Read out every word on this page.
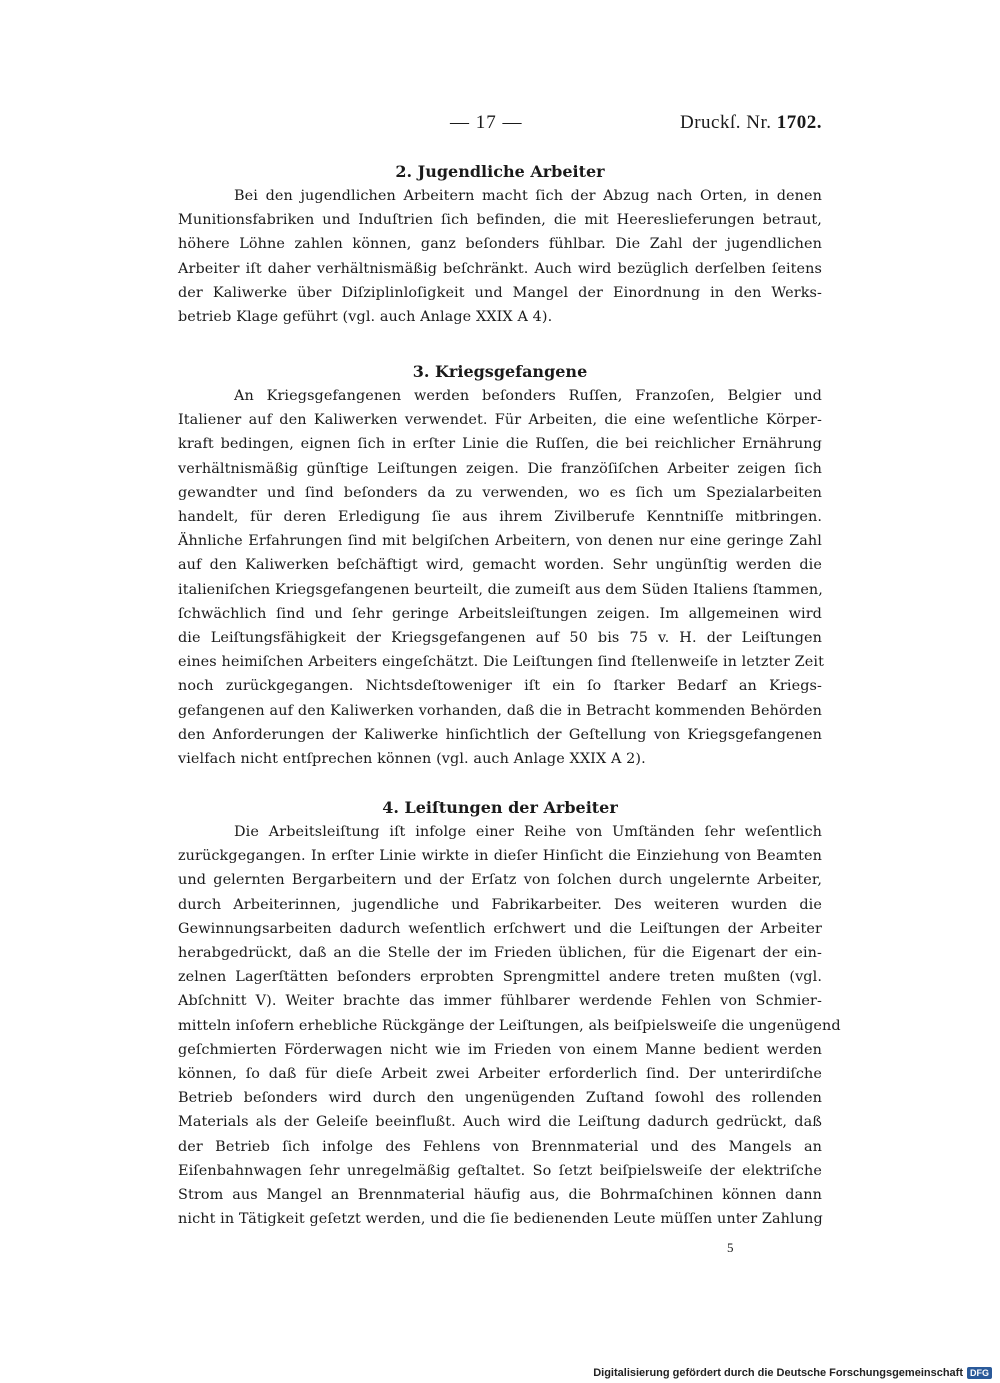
— 17 —	Druckſ. Nr. 1702.
2. Jugendliche Arbeiter
Bei den jugendlichen Arbeitern macht ſich der Abzug nach Orten, in denen
Munitionsfabriken und Induſtrien ſich befinden, die mit Heereslieferungen betraut,
höhere Löhne zahlen können, ganz beſonders fühlbar. Die Zahl der jugendlichen
Arbeiter iſt daher verhältnismäßig beſchränkt. Auch wird bezüglich derſelben ſeitens
der Kaliwerke über Diſziplinloſigkeit und Mangel der Einordnung in den Werks-
betrieb Klage geführt (vgl. auch Anlage XXIX A 4).
3. Kriegsgefangene
An Kriegsgefangenen werden beſonders Ruſſen, Franzoſen, Belgier und
Italiener auf den Kaliwerken verwendet. Für Arbeiten, die eine weſentliche Körper-
kraft bedingen, eignen ſich in erſter Linie die Ruſſen, die bei reichlicher Ernährung
verhältnismäßig günſtige Leiſtungen zeigen. Die franzöſiſchen Arbeiter zeigen ſich
gewandter und ſind beſonders da zu verwenden, wo es ſich um Spezialarbeiten
handelt, für deren Erledigung ſie aus ihrem Zivilberufe Kenntniſſe mitbringen.
Ähnliche Erfahrungen ſind mit belgiſchen Arbeitern, von denen nur eine geringe Zahl
auf den Kaliwerken beſchäftigt wird, gemacht worden. Sehr ungünſtig werden die
italieniſchen Kriegsgefangenen beurteilt, die zumeiſt aus dem Süden Italiens ſtammen,
ſchwächlich ſind und ſehr geringe Arbeitsleiſtungen zeigen. Im allgemeinen wird
die Leiſtungsfähigkeit der Kriegsgefangenen auf 50 bis 75 v. H. der Leiſtungen
eines heimiſchen Arbeiters eingeſchätzt. Die Leiſtungen ſind ſtellenweiſe in letzter Zeit
noch zurückgegangen. Nichtsdeſtoweniger iſt ein ſo ſtarker Bedarf an Kriegs-
gefangenen auf den Kaliwerken vorhanden, daß die in Betracht kommenden Behörden
den Anforderungen der Kaliwerke hinſichtlich der Geſtellung von Kriegsgefangenen
vielfach nicht entſprechen können (vgl. auch Anlage XXIX A 2).
4. Leiſtungen der Arbeiter
Die Arbeitsleiſtung iſt infolge einer Reihe von Umſtänden ſehr weſentlich
zurückgegangen. In erſter Linie wirkte in dieſer Hinſicht die Einziehung von Beamten
und gelernten Bergarbeitern und der Erſatz von ſolchen durch ungelernte Arbeiter,
durch Arbeiterinnen, jugendliche und Fabrikarbeiter. Des weiteren wurden die
Gewinnungsarbeiten dadurch weſentlich erſchwert und die Leiſtungen der Arbeiter
herabgedrückt, daß an die Stelle der im Frieden üblichen, für die Eigenart der ein-
zelnen Lagerſtätten beſonders erprobten Sprengmittel andere treten mußten (vgl.
Abſchnitt V). Weiter brachte das immer fühlbarer werdende Fehlen von Schmier-
mitteln inſofern erhebliche Rückgänge der Leiſtungen, als beiſpielsweiſe die ungenügend
geſchmierten Förderwagen nicht wie im Frieden von einem Manne bedient werden
können, ſo daß für dieſe Arbeit zwei Arbeiter erforderlich ſind. Der unterirdiſche
Betrieb beſonders wird durch den ungenügenden Zuſtand ſowohl des rollenden
Materials als der Geleiſe beeinflußt. Auch wird die Leiſtung dadurch gedrückt, daß
der Betrieb ſich infolge des Fehlens von Brennmaterial und des Mangels an
Eiſenbahnwagen ſehr unregelmäßig geſtaltet. So ſetzt beiſpielsweiſe der elektriſche
Strom aus Mangel an Brennmaterial häufig aus, die Bohrmaſchinen können dann
nicht in Tätigkeit geſetzt werden, und die ſie bedienenden Leute müſſen unter Zahlung
5
Digitalisierung gefördert durch die Deutsche Forschungsgemeinschaft DFG
